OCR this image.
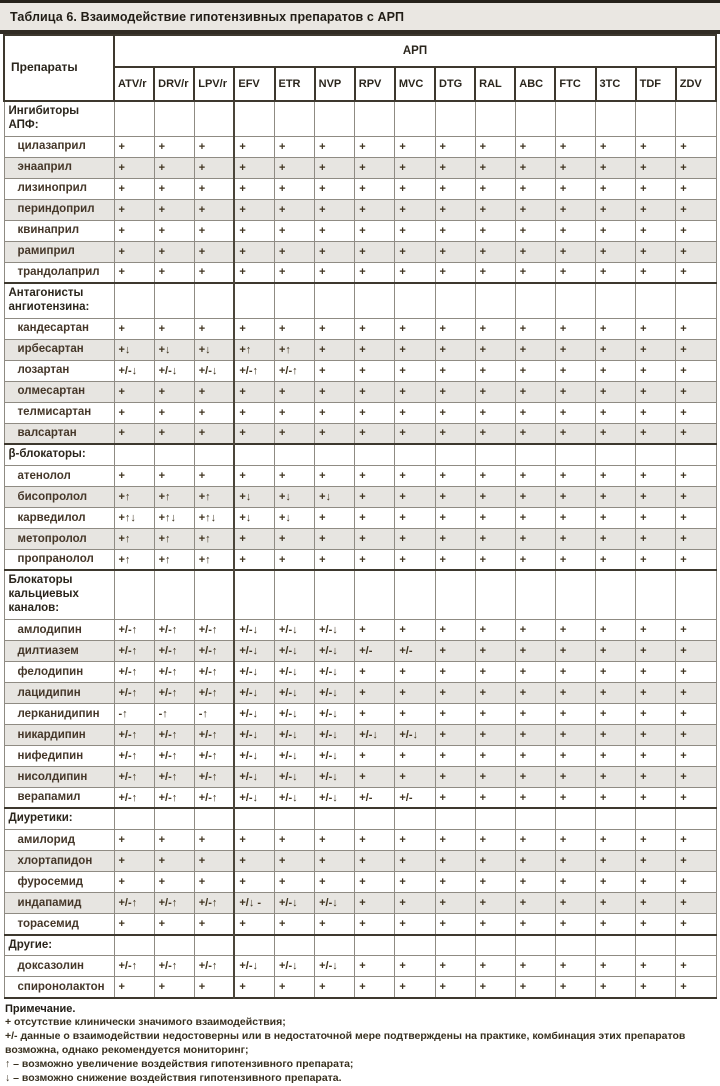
Таблица 6. Взаимодействие гипотензивных препаратов с АРП
Препараты	АРП														
	ATV/r	DRV/r	LPV/r	EFV	ETR	NVP	RPV	MVC	DTG	RAL	ABC	FTC	3TC	TDF	ZDV
Ингибиторы АПФ:															
цилазаприл	+	+	+	+	+	+	+	+	+	+	+	+	+	+	+
энааприл	+	+	+	+	+	+	+	+	+	+	+	+	+	+	+
лизиноприл	+	+	+	+	+	+	+	+	+	+	+	+	+	+	+
периндоприл	+	+	+	+	+	+	+	+	+	+	+	+	+	+	+
квинаприл	+	+	+	+	+	+	+	+	+	+	+	+	+	+	+
рамиприл	+	+	+	+	+	+	+	+	+	+	+	+	+	+	+
трандолаприл	+	+	+	+	+	+	+	+	+	+	+	+	+	+	+
Антагонисты ангиотензина:															
кандесартан	+	+	+	+	+	+	+	+	+	+	+	+	+	+	+
ирбесартан	+↓	+↓	+↓	+↑	+↑	+	+	+	+	+	+	+	+	+	+
лозартан	+/-↓	+/-↓	+/-↓	+/-↑	+/-↑	+	+	+	+	+	+	+	+	+	+
олмесартан	+	+	+	+	+	+	+	+	+	+	+	+	+	+	+
телмисартан	+	+	+	+	+	+	+	+	+	+	+	+	+	+	+
валсартан	+	+	+	+	+	+	+	+	+	+	+	+	+	+	+
β-блокаторы:															
атенолол	+	+	+	+	+	+	+	+	+	+	+	+	+	+	+
бисопролол	+↑	+↑	+↑	+↓	+↓	+↓	+	+	+	+	+	+	+	+	+
карведилол	+↑↓	+↑↓	+↑↓	+↓	+↓	+	+	+	+	+	+	+	+	+	+
метопролол	+↑	+↑	+↑	+	+	+	+	+	+	+	+	+	+	+	+
пропранолол	+↑	+↑	+↑	+	+	+	+	+	+	+	+	+	+	+	+
Блокаторы кальциевых каналов:															
амлодипин	+/-↑	+/-↑	+/-↑	+/-↓	+/-↓	+/-↓	+	+	+	+	+	+	+	+	+
дилтиазем	+/-↑	+/-↑	+/-↑	+/-↓	+/-↓	+/-↓	+/-	+/-	+	+	+	+	+	+	+
фелодипин	+/-↑	+/-↑	+/-↑	+/-↓	+/-↓	+/-↓	+	+	+	+	+	+	+	+	+
лацидипин	+/-↑	+/-↑	+/-↑	+/-↓	+/-↓	+/-↓	+	+	+	+	+	+	+	+	+
лерканидипин	-↑	-↑	-↑	+/-↓	+/-↓	+/-↓	+	+	+	+	+	+	+	+	+
никардипин	+/-↑	+/-↑	+/-↑	+/-↓	+/-↓	+/-↓	+/-↓	+/-↓	+	+	+	+	+	+	+
нифедипин	+/-↑	+/-↑	+/-↑	+/-↓	+/-↓	+/-↓	+	+	+	+	+	+	+	+	+
нисолдипин	+/-↑	+/-↑	+/-↑	+/-↓	+/-↓	+/-↓	+	+	+	+	+	+	+	+	+
верапамил	+/-↑	+/-↑	+/-↑	+/-↓	+/-↓	+/-↓	+/-	+/-	+	+	+	+	+	+	+
Диуретики:															
амилорид	+	+	+	+	+	+	+	+	+	+	+	+	+	+	+
хлортапидон	+	+	+	+	+	+	+	+	+	+	+	+	+	+	+
фуросемид	+	+	+	+	+	+	+	+	+	+	+	+	+	+	+
индапамид	+/-↑	+/-↑	+/-↑	+/↓ -	+/-↓	+/-↓	+	+	+	+	+	+	+	+	+
торасемид	+	+	+	+	+	+	+	+	+	+	+	+	+	+	+
Другие:															
доксазолин	+/-↑	+/-↑	+/-↑	+/-↓	+/-↓	+/-↓	+	+	+	+	+	+	+	+	+
спиронолактон	+	+	+	+	+	+	+	+	+	+	+	+	+	+	+
Примечание.
+ отсутствие клинически значимого взаимодействия;
+/- данные о взаимодействии недостоверны или в недостаточной мере подтверждены на практике, комбинация этих препаратов возможна, однако рекомендуется мониторинг;
↑ – возможно увеличение воздействия гипотензивного препарата;
↓ – возможно снижение воздействия гипотензивного препарата.
